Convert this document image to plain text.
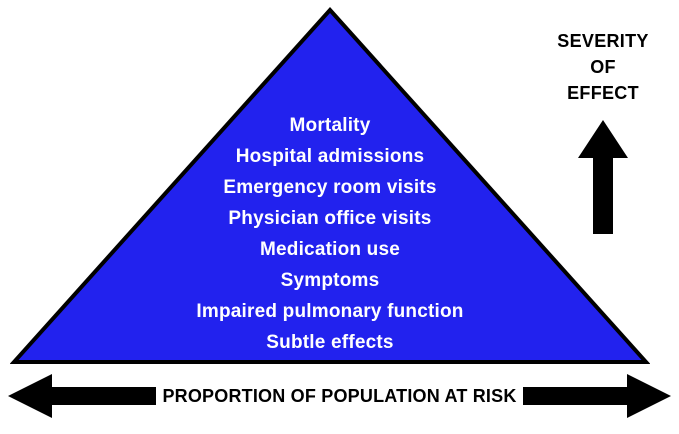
Mortality
Hospital admissions
Emergency room visits
Physician office visits
Medication use
Symptoms
Impaired pulmonary function
Subtle effects
SEVERITY
OF
EFFECT
PROPORTION OF POPULATION AT RISK
